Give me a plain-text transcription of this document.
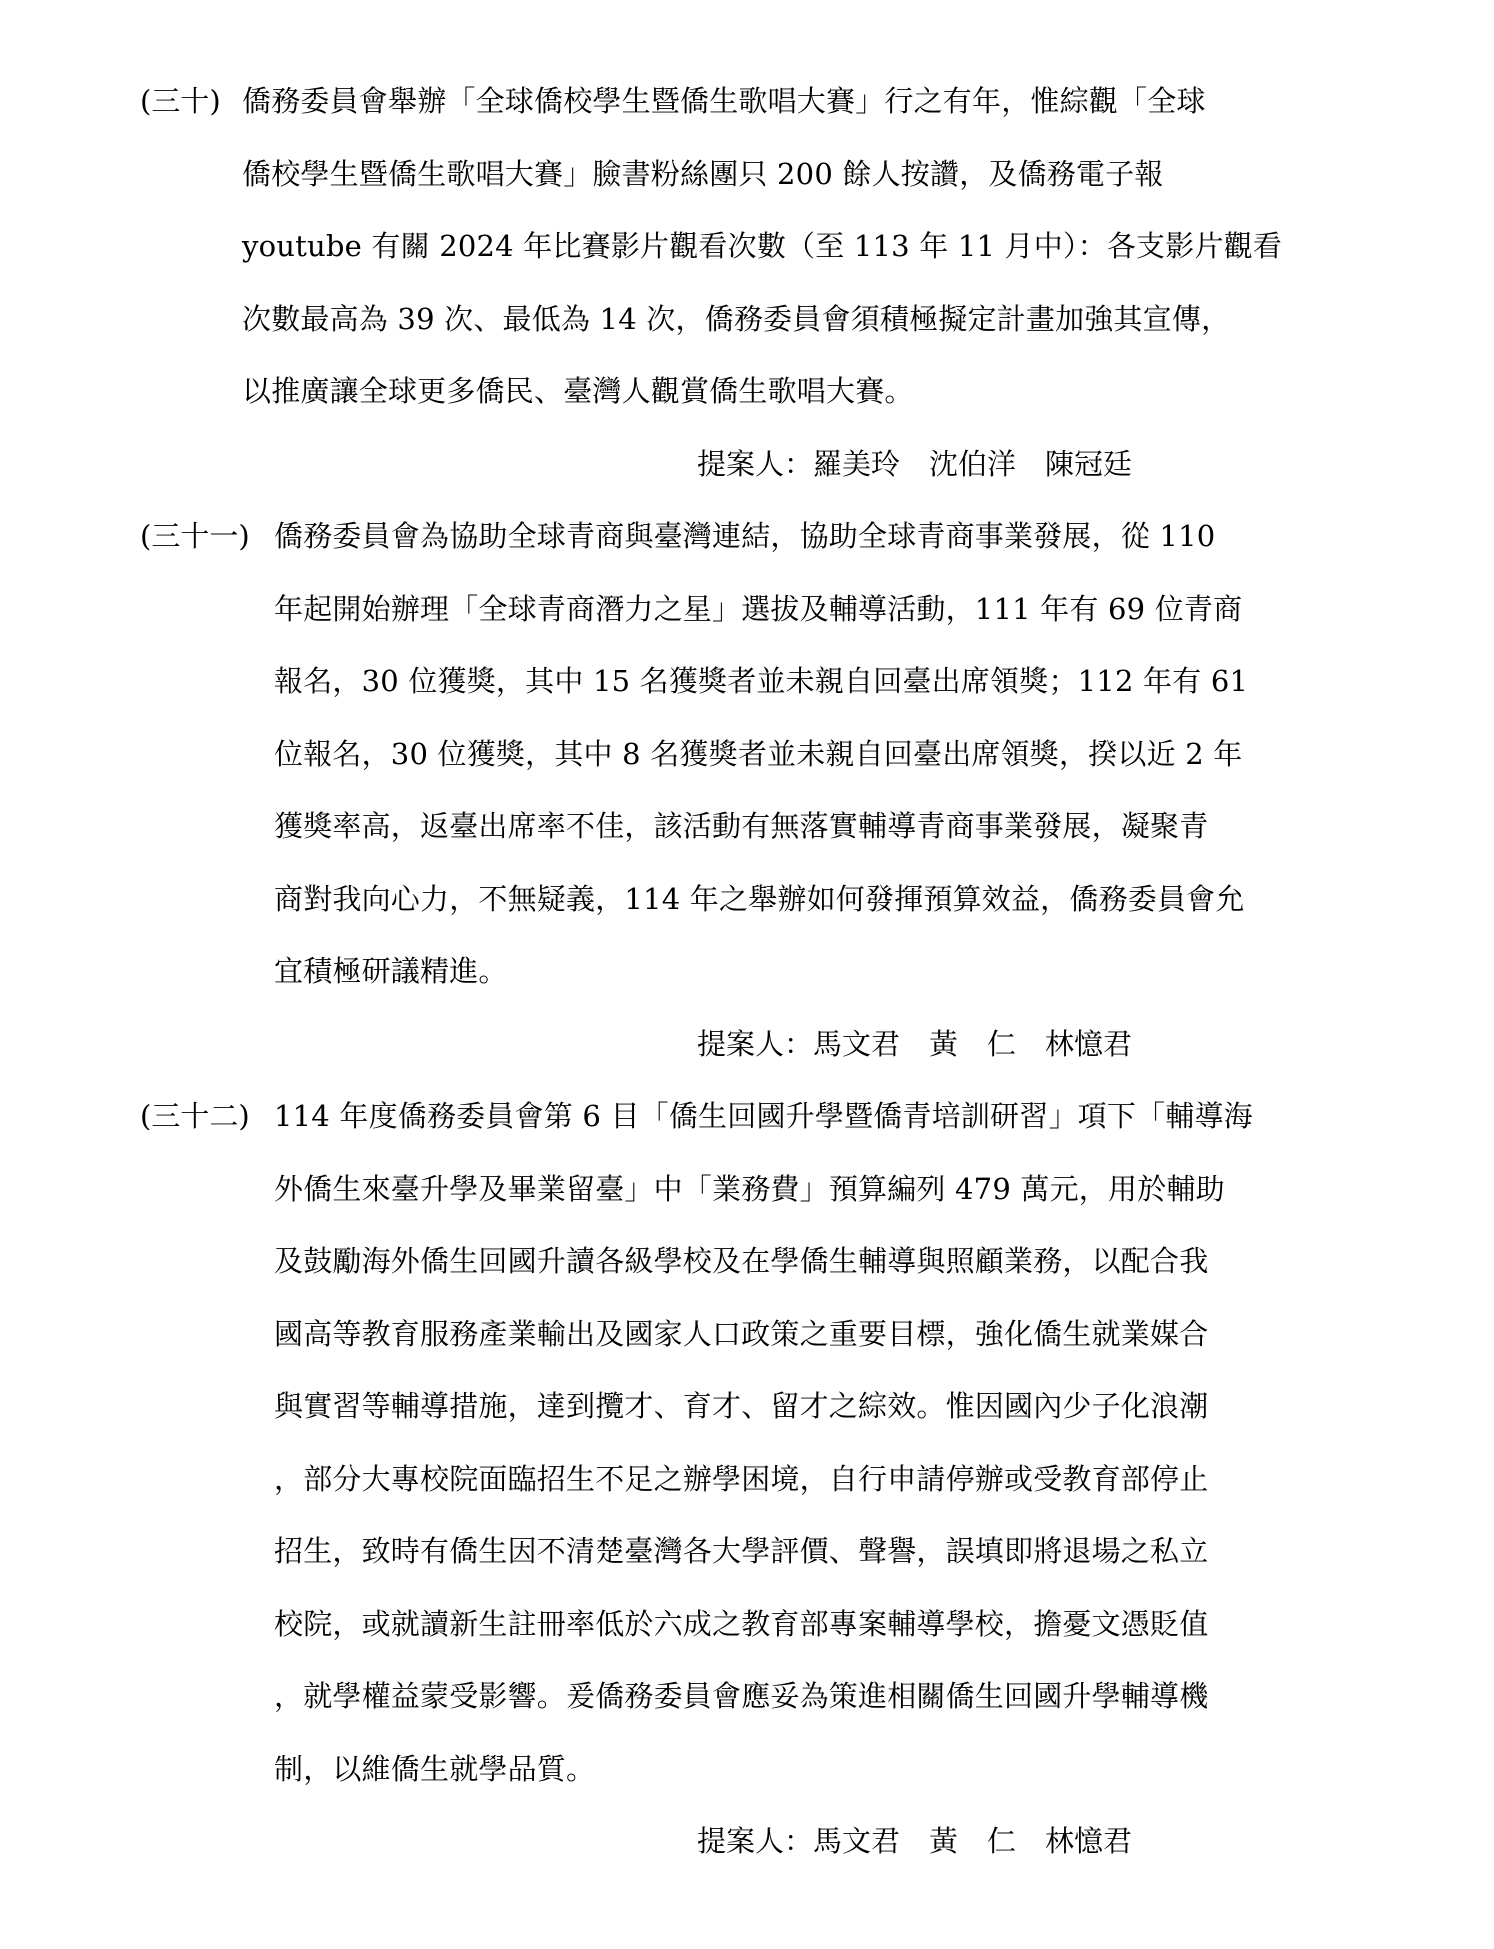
(三十) 僑務委員會舉辦「全球僑校學生暨僑生歌唱大賽」行之有年，惟綜觀「全球
僑校學生暨僑生歌唱大賽」臉書粉絲團只 200 餘人按讚，及僑務電子報
youtube 有關 2024 年比賽影片觀看次數（至 113 年 11 月中）：各支影片觀看
次數最高為 39 次、最低為 14 次，僑務委員會須積極擬定計畫加強其宣傳，
以推廣讓全球更多僑民、臺灣人觀賞僑生歌唱大賽。
提案人：羅美玲　沈伯洋　陳冠廷
(三十一) 僑務委員會為協助全球青商與臺灣連結，協助全球青商事業發展，從 110
年起開始辦理「全球青商潛力之星」選拔及輔導活動，111 年有 69 位青商
報名，30 位獲獎，其中 15 名獲獎者並未親自回臺出席領獎；112 年有 61
位報名，30 位獲獎，其中 8 名獲獎者並未親自回臺出席領獎，揆以近 2 年
獲獎率高，返臺出席率不佳，該活動有無落實輔導青商事業發展，凝聚青
商對我向心力，不無疑義，114 年之舉辦如何發揮預算效益，僑務委員會允
宜積極研議精進。
提案人：馬文君　黃　仁　林憶君
(三十二) 114 年度僑務委員會第 6 目「僑生回國升學暨僑青培訓研習」項下「輔導海
外僑生來臺升學及畢業留臺」中「業務費」預算編列 479 萬元，用於輔助
及鼓勵海外僑生回國升讀各級學校及在學僑生輔導與照顧業務，以配合我
國高等教育服務產業輸出及國家人口政策之重要目標，強化僑生就業媒合
與實習等輔導措施，達到攬才、育才、留才之綜效。惟因國內少子化浪潮
，部分大專校院面臨招生不足之辦學困境，自行申請停辦或受教育部停止
招生，致時有僑生因不清楚臺灣各大學評價、聲譽，誤填即將退場之私立
校院，或就讀新生註冊率低於六成之教育部專案輔導學校，擔憂文憑貶值
，就學權益蒙受影響。爰僑務委員會應妥為策進相關僑生回國升學輔導機
制，以維僑生就學品質。
提案人：馬文君　黃　仁　林憶君
